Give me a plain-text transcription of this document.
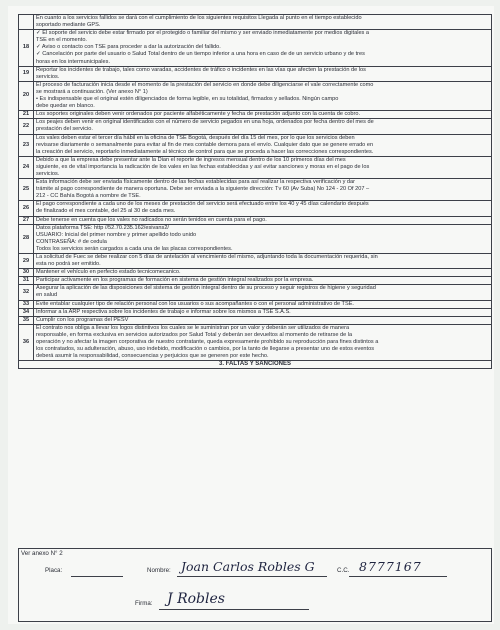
	En cuanto a los servicios fallidos se dará con el cumplimiento de los siguientes requisitos Llegada al punto en el tiempo establecido
soportado mediante GPS.

18	✓ El soporte del servicio debe estar firmado por el protegido o familiar del mismo y ser enviado inmediatamente por medios digitales a
TSE en el momento.
✓ Aviso o contacto con TSE para proceder a dar la autorización del fallido.
✓ Cancelación por parte del usuario o Salud Total dentro de un tiempo inferior a una hora en caso de de un servicio urbano y de tres
horas en los intermunicipales.

19	Reportar los incidentes de trabajo, tales como varadas, accidentes de tráfico o incidentes en las vías que afecten la prestación de los
servicios.

20	El proceso de facturación inicia desde el momento de la prestación del servicio en donde debe diligenciarse el vale correctamente como
se mostrará a continuación. (Ver anexo N° 1)
• Es indispensable que el original estén diligenciados de forma legible, en su totalidad, firmados y sellados. Ningún campo
debe quedar en blanco.

21	Los soportes originales deben venir ordenados por paciente alfabéticamente y fecha de prestación adjunto con la cuenta de cobro.

22	Los peajes deben venir en original identificados con el número de servicio pegados en una hoja, ordenados por fecha dentro del mes de
prestación del servicio.

23	Los vales deben estar el tercer día hábil en la oficina de TSE Bogotá, después del día 15 del mes, por lo que los servicios deben
revisarse diariamente o semanalmente para evitar al fin de mes contable demora para el envío. Cualquier dato que se genere errado en
la creación del servicio, reportarlo inmediatamente al técnico de control para que se proceda a hacer las correcciones correspondientes.

24	Debido a que la empresa debe presentar ante la Dian el reporte de ingresos mensual dentro de los 10 primeros días del mes
siguiente, es de vital importancia la radicación de los vales en las fechas establecidas y así evitar sanciones y moras en el pago de los
servicios.

25	Esta información debe ser enviada físicamente dentro de las fechas establecidas para así realizar la respectiva verificación y dar
trámite al pago correspondiente de manera oportuna. Debe ser enviada a la siguiente dirección: Tv 60 (Av Suba) No 124 - 20 Of 207 –
212 - CC Bahía Bogotá a nombre de TSE.

26	El pago correspondiente a cada uno de los meses de prestación del servicio será efectuado entre los 40 y 45 días calendario después
de finalizado el mes contable, del 25 al 30 de cada mes.

27	Debe tenerse en cuenta que los vales no radicados no serán tenidos en cuenta para el pago.

28	Datos plataforma TSE: http //52.70.235.162/esivans2/
USUARIO: Inicial del primer nombre y primer apellido todo unido
CONTRASEÑA: # de cedula
Todos los servicios serán cargados a cada una de las placas correspondientes.

29	La solicitud de Fuec se debe realizar con 5 días de antelación al vencimiento del mismo, adjuntando toda la documentación requerida, sin
esta no podrá ser emitido.

30	Mantener el vehículo en perfecto estado tecnicomecanico.

31	Participar activamente en los programas de formación en sistema de gestión integral realizados por la empresa.

32	Asegurar la aplicación de las disposiciones del sistema de gestión integral dentro de su proceso y seguir registros de higiene y seguridad
en salud

33	Evite entablar cualquier tipo de relación personal con los usuarios o sus acompañantes o con el personal administrativo de TSE.

34	Informar a la ARP respectiva sobre los incidentes de trabajo e informar sobre los mismos a TSE S.A.S.

35	Cumplir con los programas del PESV

36	El contrato nos obliga a llevar los logos distintivos los cuales se le suministran por un valor y deberán ser utilizados de manera
responsable, en forma exclusiva en servicios autorizados por Salud Total y deberán ser devueltos al momento de retirarse de la
operación y no afectar la imagen corporativa de nuestro contratante, queda expresamente prohibido su reproducción para fines distintos a
los contratados, su adulteración, abuso, uso indebido, modificación o cambios, por la tanto de llegarse a presentar uno de estos eventos
deberá asumir la responsabilidad, consecuencias y perjuicios que se generen por este hecho.

3. FALTAS Y SANCIONES	
Ver anexo N° 2
Placa:	Nombre: Joan Carlos Robles G	C.C. 8777167
Firma: J Robles
